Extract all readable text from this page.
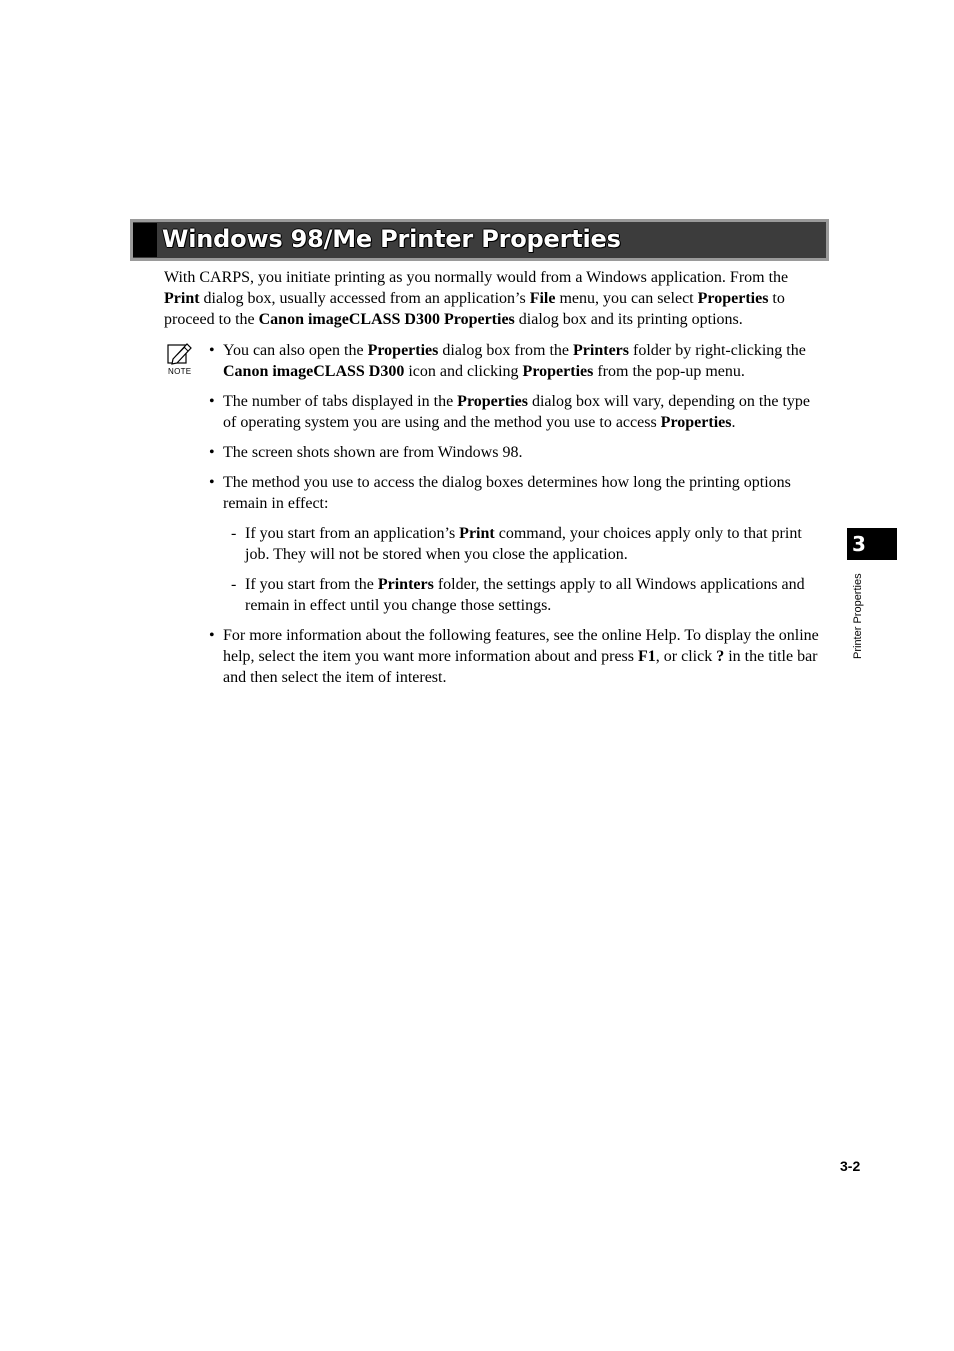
Windows 98/Me Printer Properties

With CARPS, you initiate printing as you normally would from a Windows application. From the Print dialog box, usually accessed from an application’s File menu, you can select Properties to proceed to the Canon imageCLASS D300 Properties dialog box and its printing options.

NOTE
• You can also open the Properties dialog box from the Printers folder by right-clicking the Canon imageCLASS D300 icon and clicking Properties from the pop-up menu.
• The number of tabs displayed in the Properties dialog box will vary, depending on the type of operating system you are using and the method you use to access Properties.
• The screen shots shown are from Windows 98.
• The method you use to access the dialog boxes determines how long the printing options remain in effect:
- If you start from an application’s Print command, your choices apply only to that print job. They will not be stored when you close the application.
- If you start from the Printers folder, the settings apply to all Windows applications and remain in effect until you change those settings.
• For more information about the following features, see the online Help. To display the online help, select the item you want more information about and press F1, or click ? in the title bar and then select the item of interest.
3
Printer Properties
3-2
